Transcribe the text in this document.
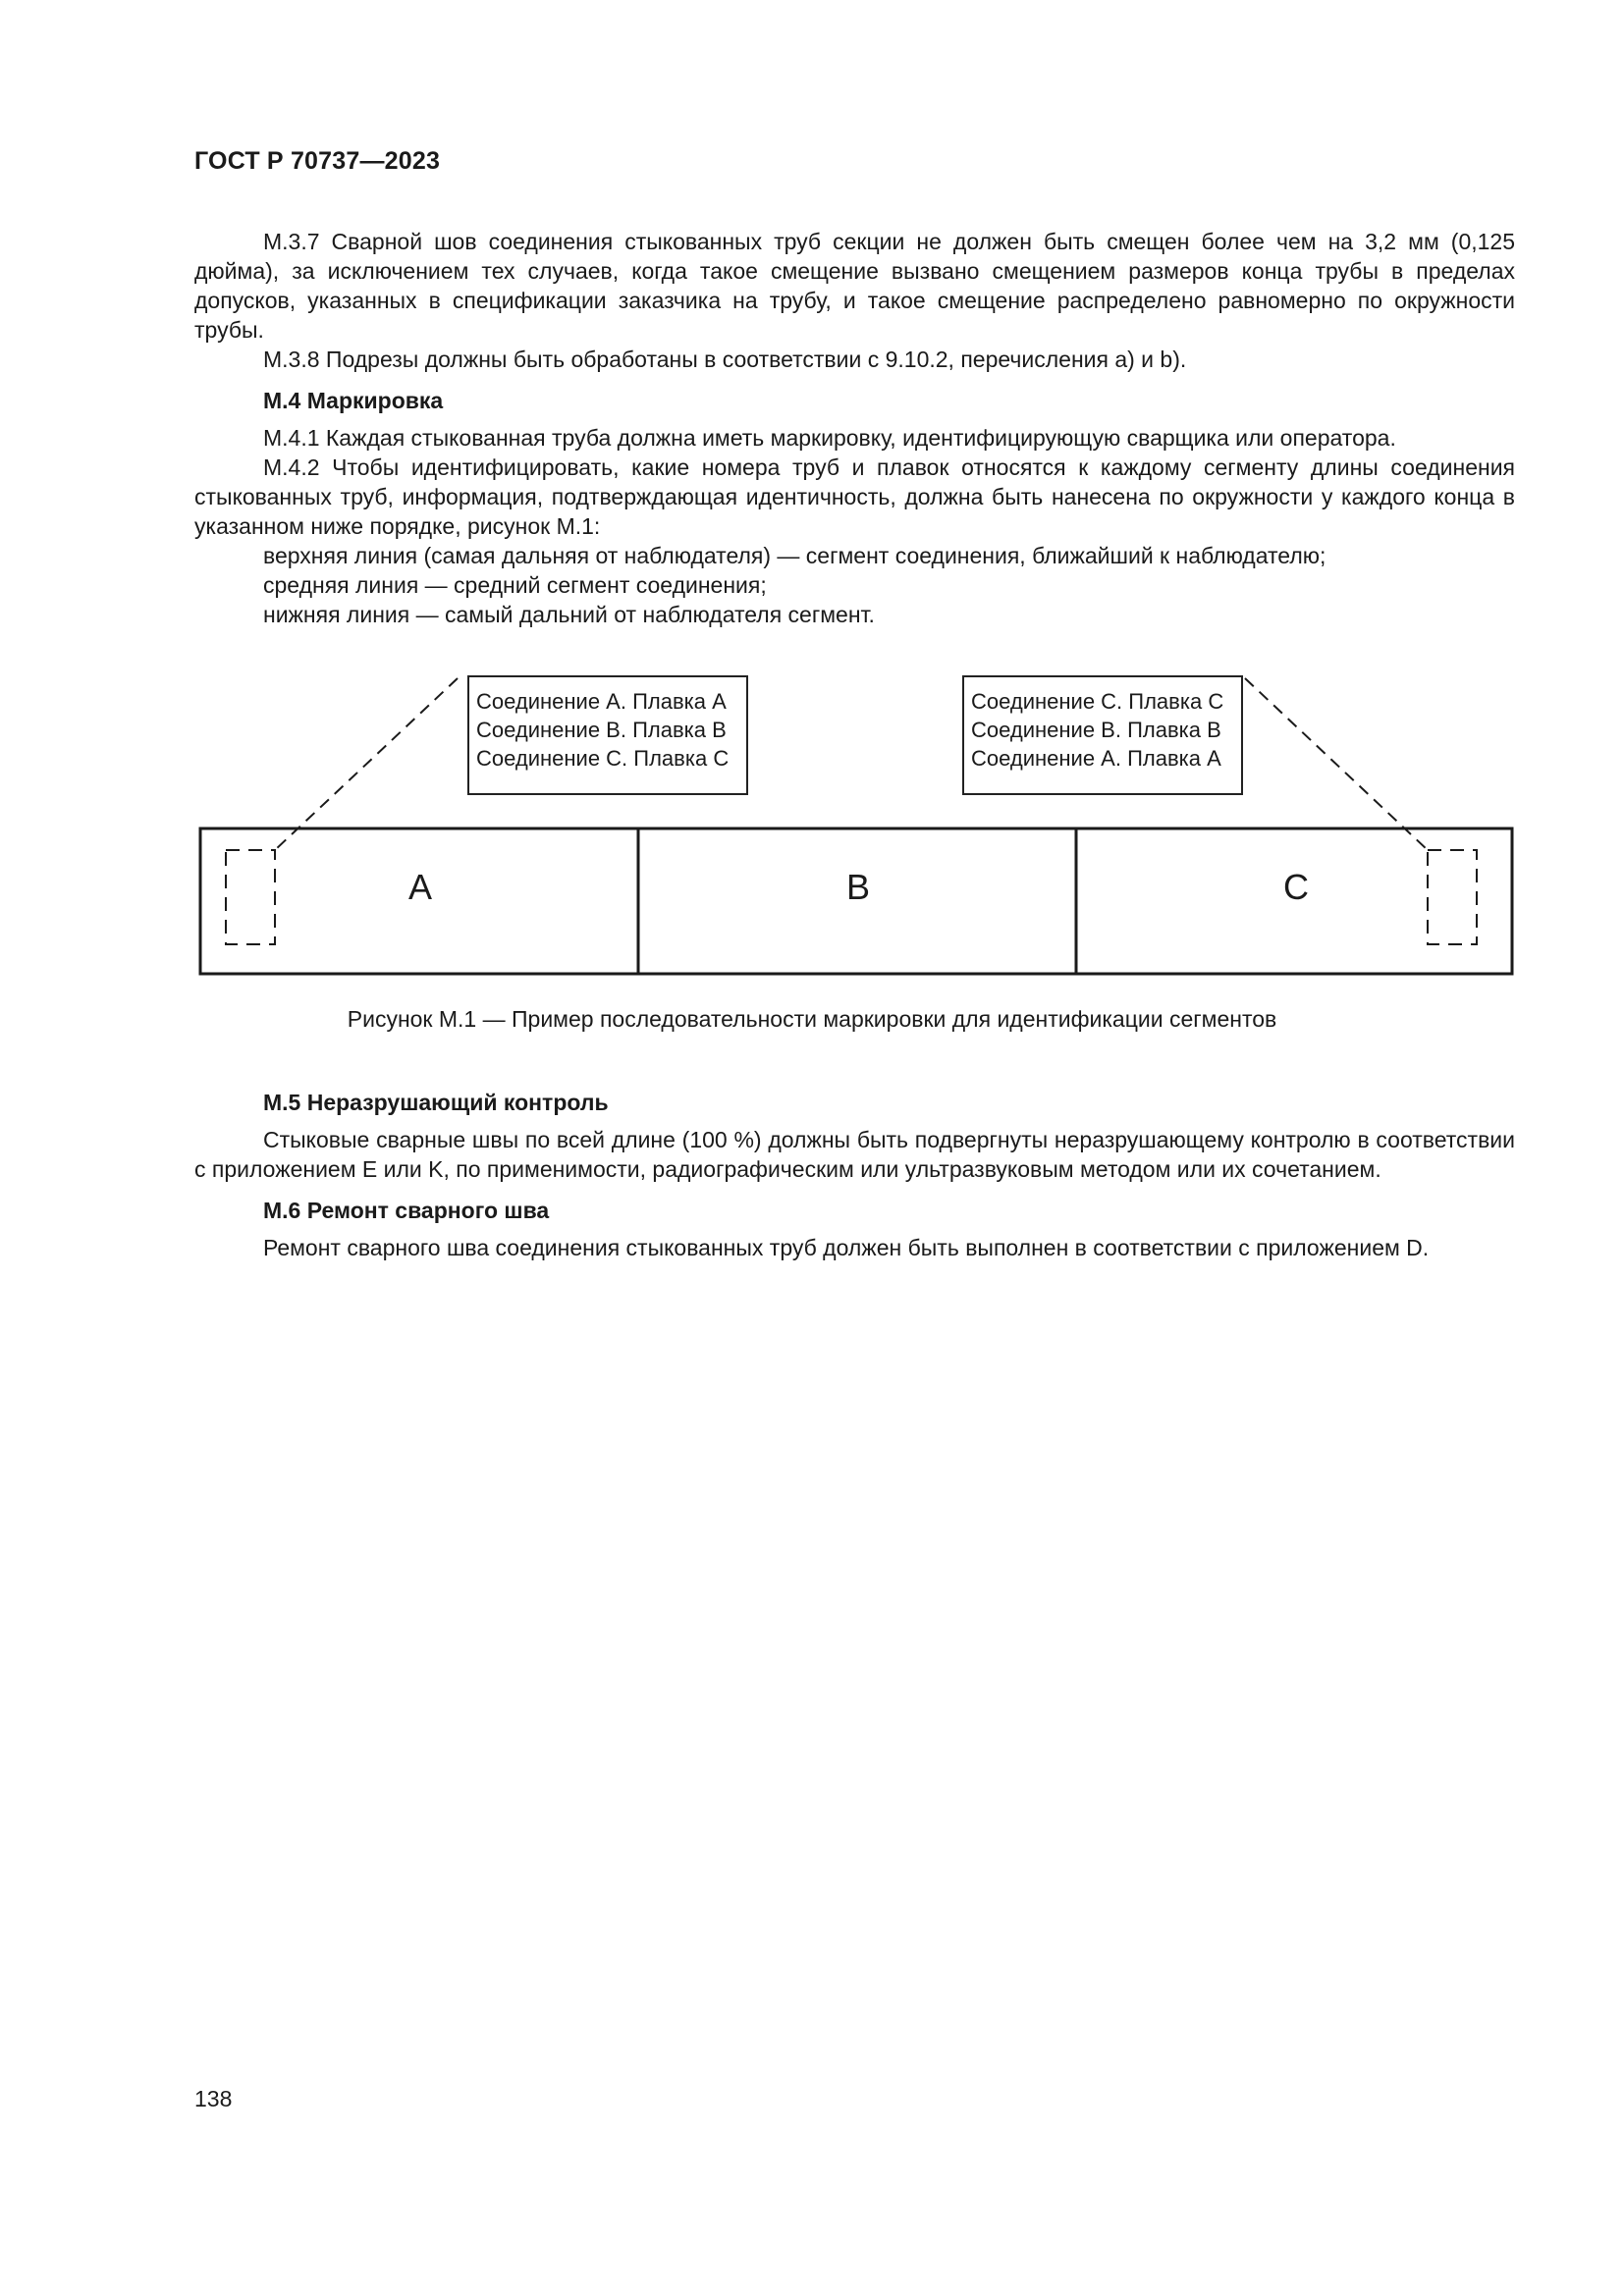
ГОСТ Р 70737—2023

М.3.7 Сварной шов соединения стыкованных труб секции не должен быть смещен более чем на 3,2 мм (0,125 дюйма), за исключением тех случаев, когда такое смещение вызвано смещением размеров конца трубы в пределах допусков, указанных в спецификации заказчика на трубу, и такое смещение распределено равномерно по окружности трубы.

М.3.8 Подрезы должны быть обработаны в соответствии с 9.10.2, перечисления а) и b).

М.4 Маркировка

М.4.1 Каждая стыкованная труба должна иметь маркировку, идентифицирующую сварщика или оператора.

М.4.2 Чтобы идентифицировать, какие номера труб и плавок относятся к каждому сегменту длины соединения стыкованных труб, информация, подтверждающая идентичность, должна быть нанесена по окружности у каждого конца в указанном ниже порядке, рисунок М.1:

верхняя линия (самая дальняя от наблюдателя) — сегмент соединения, ближайший к наблюдателю;

средняя линия — средний сегмент соединения;

нижняя линия — самый дальний от наблюдателя сегмент.

Соединение А. Плавка А
Соединение В. Плавка В
Соединение С. Плавка С
Соединение С. Плавка С
Соединение В. Плавка В
Соединение А. Плавка А
A	B	C
Рисунок М.1 — Пример последовательности маркировки для идентификации сегментов

М.5 Неразрушающий контроль

Стыковые сварные швы по всей длине (100 %) должны быть подвергнуты неразрушающему контролю в соответствии с приложением Е или K, по применимости, радиографическим или ультразвуковым методом или их сочетанием.

М.6 Ремонт сварного шва

Ремонт сварного шва соединения стыкованных труб должен быть выполнен в соответствии с приложением D.

138
